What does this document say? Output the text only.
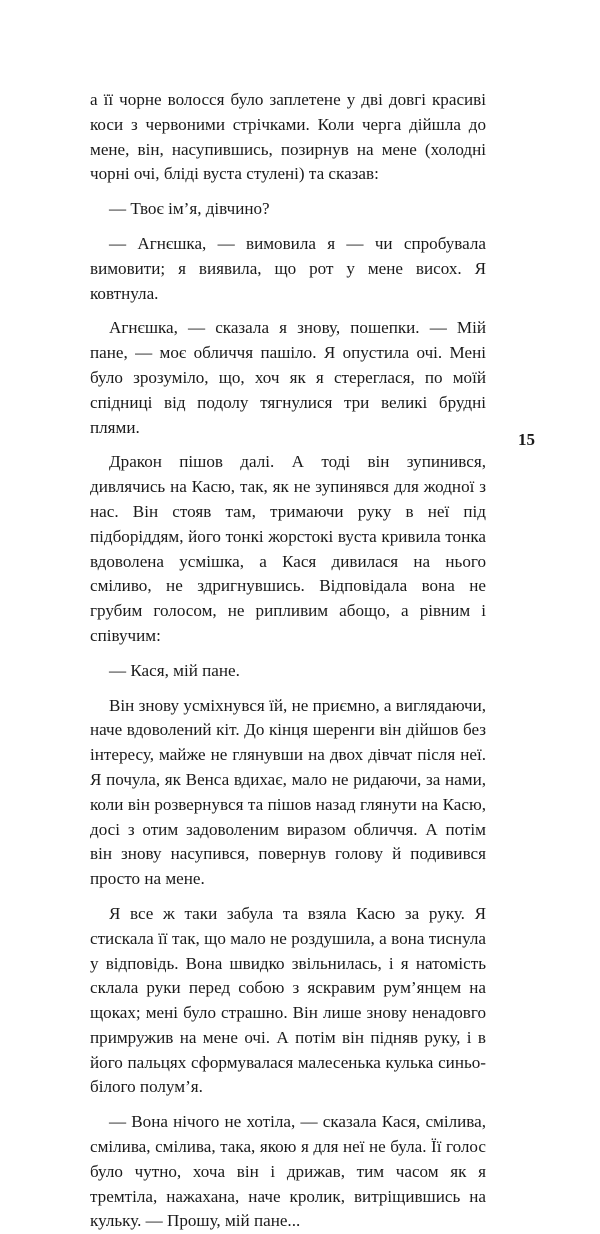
а її чорне волосся було заплетене у дві довгі красиві коси з червоними стрічками. Коли черга дійшла до мене, він, насупившись, позирнув на мене (холодні чорні очі, бліді вуста стулені) та сказав:

— Твоє ім’я, дівчино?

— Агнєшка, — вимовила я — чи спробувала вимовити; я виявила, що рот у мене висох. Я ковтнула.

Агнєшка, — сказала я знову, пошепки. — Мій пане, — моє обличчя пашіло. Я опустила очі. Мені було зрозуміло, що, хоч як я стереглася, по моїй спідниці від подолу тягнулися три великі брудні плями.

Дракон пішов далі. А тоді він зупинився, дивлячись на Касю, так, як не зупинявся для жодної з нас. Він стояв там, тримаючи руку в неї під підборіддям, його тонкі жорстокі вуста кривила тонка вдоволена усмішка, а Кася дивилася на нього сміливо, не здригнувшись. Відповідала вона не грубим голосом, не рипливим абощо, а рівним і співучим:

— Кася, мій пане.

Він знову усміхнувся їй, не приємно, а виглядаючи, наче вдоволений кіт. До кінця шеренги він дійшов без інтересу, майже не глянувши на двох дівчат після неї. Я почула, як Венса вдихає, мало не ридаючи, за нами, коли він розвернувся та пішов назад глянути на Касю, досі з отим задоволеним виразом обличчя. А потім він знову насупився, повернув голову й подивився просто на мене.

Я все ж таки забула та взяла Касю за руку. Я стискала її так, що мало не роздушила, а вона тиснула у відповідь. Вона швидко звільнилась, і я натомість склала руки перед собою з яскравим рум’янцем на щоках; мені було страшно. Він лише знову ненадовго примружив на мене очі. А потім він підняв руку, і в його пальцях сформувалася малесенька кулька синьо-білого полум’я.

— Вона нічого не хотіла, — сказала Кася, смілива, смілива, смілива, така, якою я для неї не була. Її голос було чутно, хоча він і дрижав, тим часом як я тремтіла, нажахана, наче кролик, витріщившись на кульку. — Прошу, мій пане...

15
